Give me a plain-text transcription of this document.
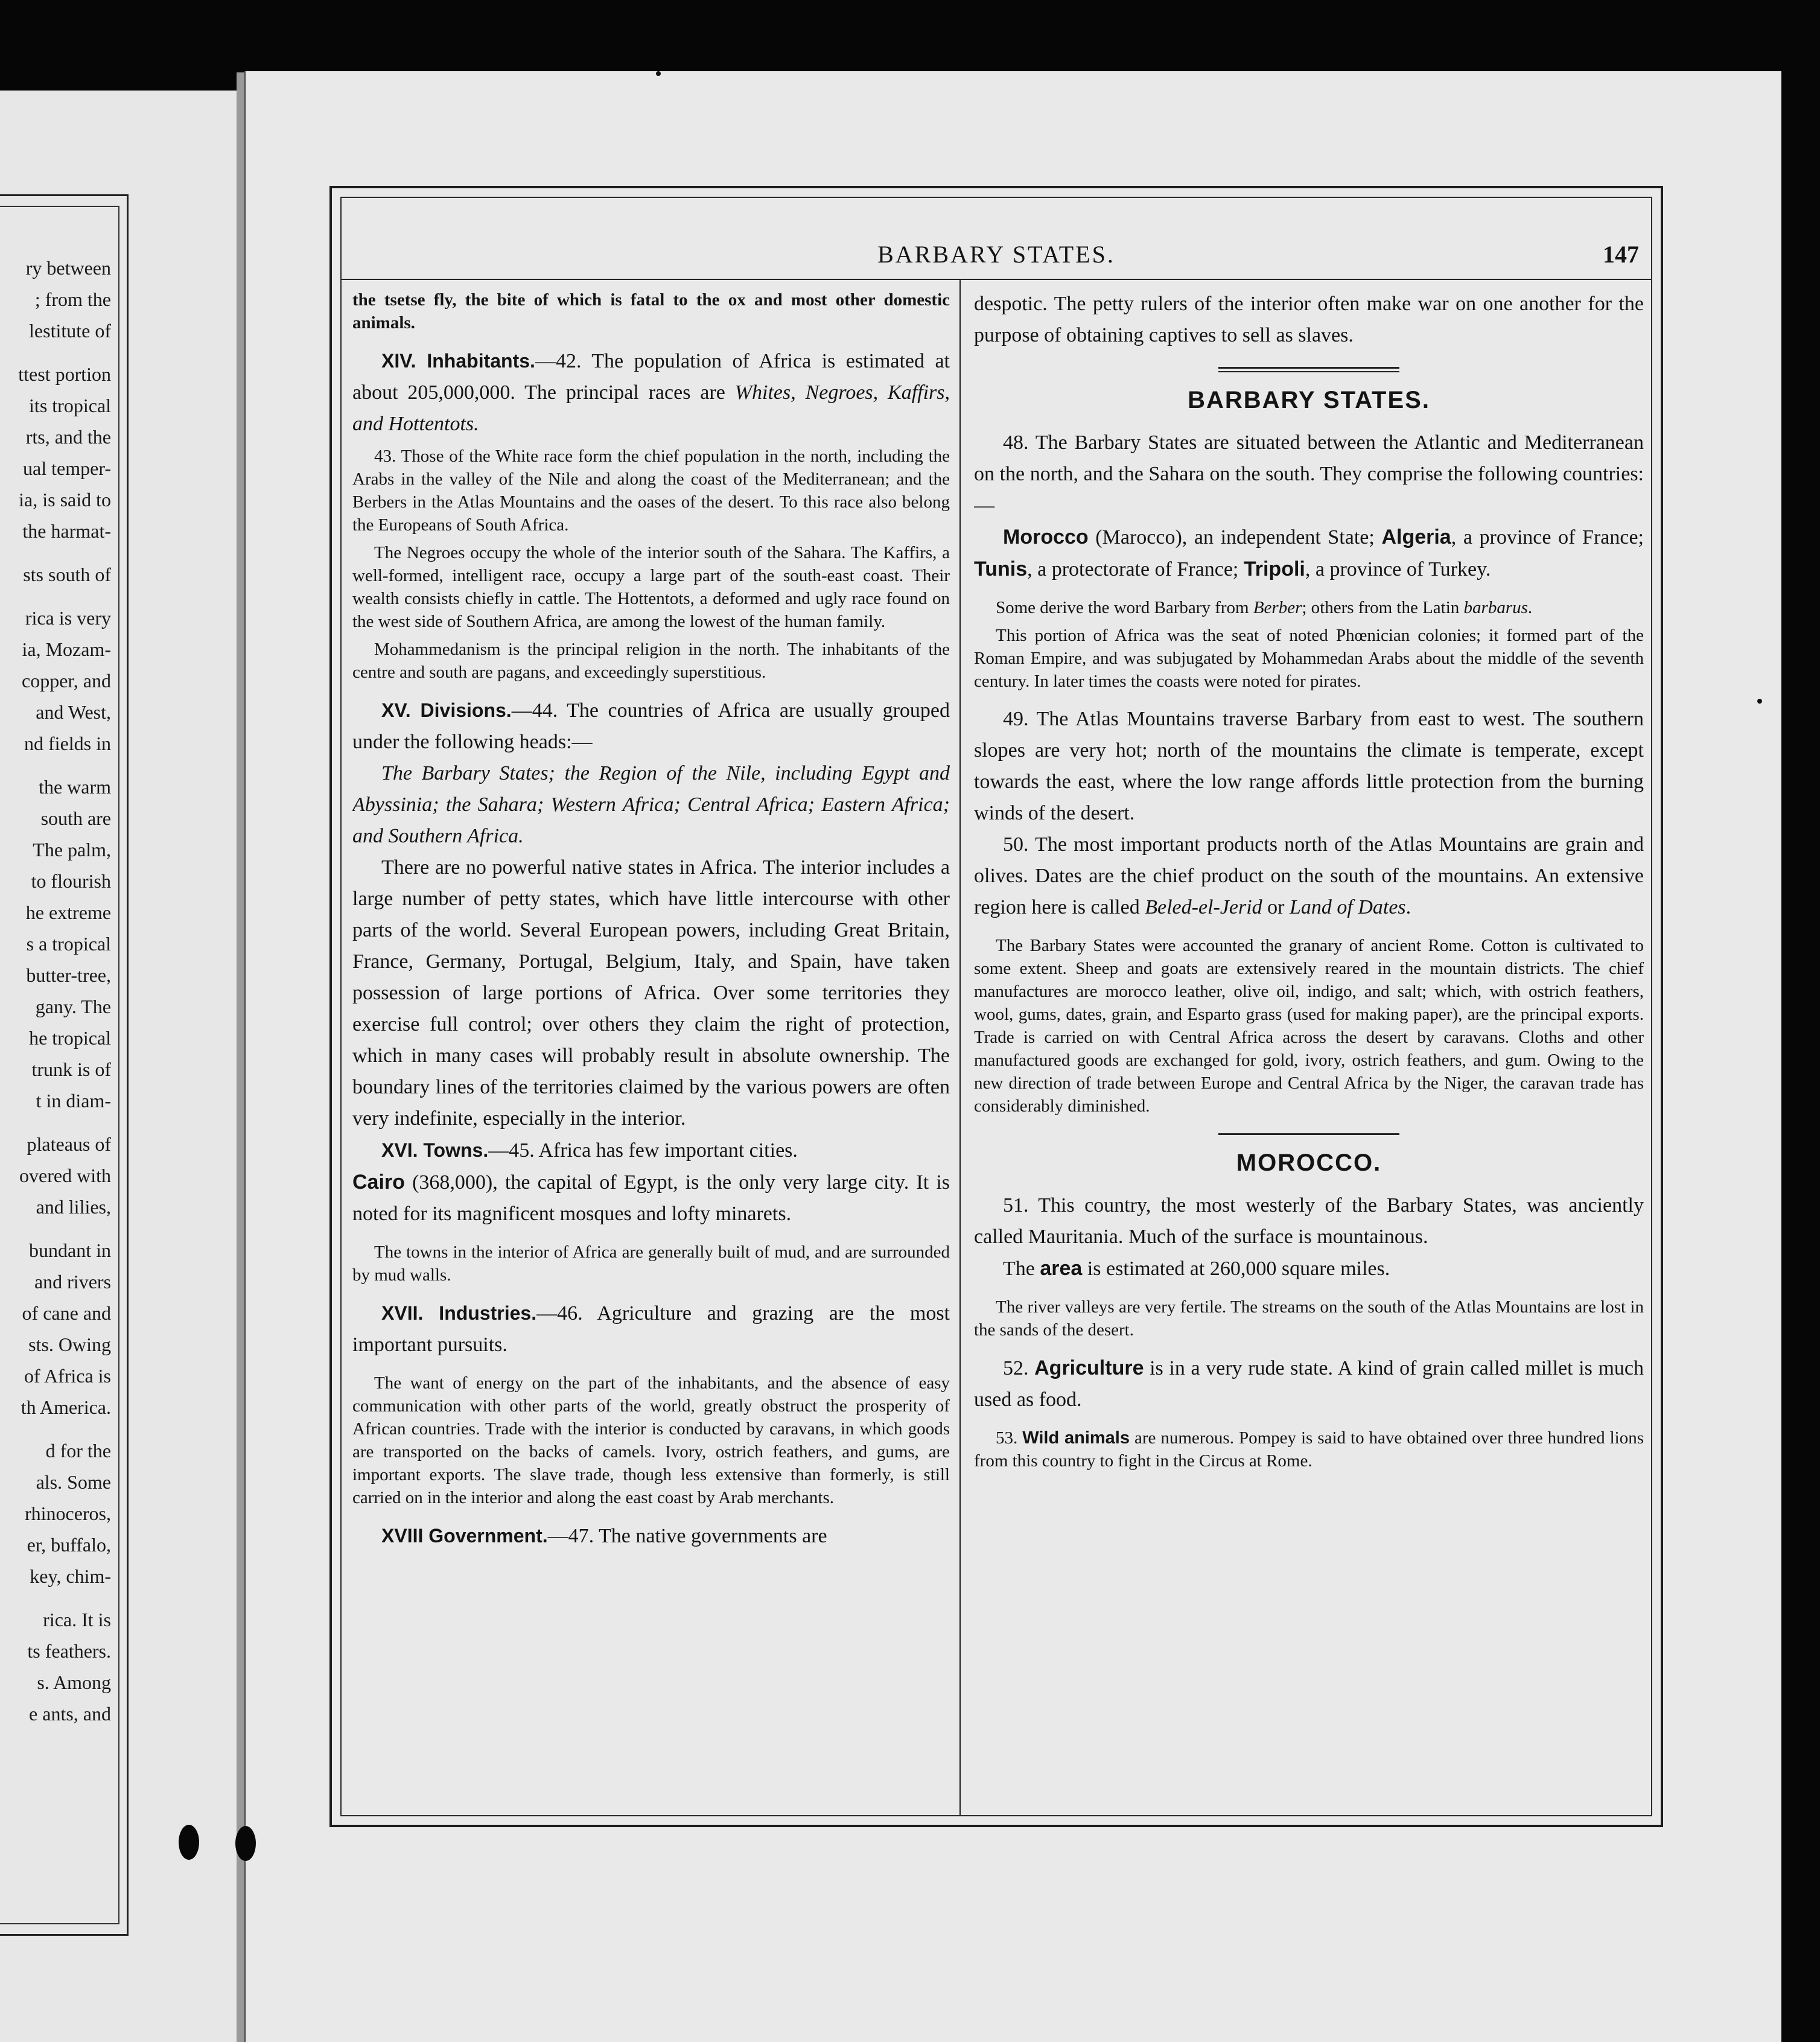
ry between
; from the
lestitute of
ttest portion
its tropical
rts, and the
ual temper-
ia, is said to
the harmat-
sts south of
rica is very
ia, Mozam-
copper, and
and West,
nd fields in
the warm
south are
The palm,
to flourish
he extreme
s a tropical
butter-tree,
gany. The
he tropical
trunk is of
t in diam-
plateaus of
overed with
and lilies,
bundant in
and rivers
of cane and
sts. Owing
of Africa is
th America.
d for the
als. Some
rhinoceros,
er, buffalo,
key, chim-
rica. It is
ts feathers.
s. Among
e ants, and
BARBARY STATES.	147

the tsetse fly, the bite of which is fatal to the ox and most other domestic animals.

XIV. Inhabitants.—42. The population of Africa is estimated at about 205,000,000. The principal races are Whites, Negroes, Kaffirs, and Hottentots.

43. Those of the White race form the chief population in the north, including the Arabs in the valley of the Nile and along the coast of the Mediterranean; and the Berbers in the Atlas Mountains and the oases of the desert. To this race also belong the Europeans of South Africa.

The Negroes occupy the whole of the interior south of the Sahara. The Kaffirs, a well-formed, intelligent race, occupy a large part of the south-east coast. Their wealth consists chiefly in cattle. The Hottentots, a deformed and ugly race found on the west side of Southern Africa, are among the lowest of the human family.

Mohammedanism is the principal religion in the north. The inhabitants of the centre and south are pagans, and exceedingly superstitious.

XV. Divisions.—44. The countries of Africa are usually grouped under the following heads:—

The Barbary States; the Region of the Nile, including Egypt and Abyssinia; the Sahara; Western Africa; Central Africa; Eastern Africa; and Southern Africa.

There are no powerful native states in Africa. The interior includes a large number of petty states, which have little intercourse with other parts of the world. Several European powers, including Great Britain, France, Germany, Portugal, Belgium, Italy, and Spain, have taken possession of large portions of Africa. Over some territories they exercise full control; over others they claim the right of protection, which in many cases will probably result in absolute ownership. The boundary lines of the territories claimed by the various powers are often very indefinite, especially in the interior.

XVI. Towns.—45. Africa has few important cities.

Cairo (368,000), the capital of Egypt, is the only very large city. It is noted for its magnificent mosques and lofty minarets.

The towns in the interior of Africa are generally built of mud, and are surrounded by mud walls.

XVII. Industries.—46. Agriculture and grazing are the most important pursuits.

The want of energy on the part of the inhabitants, and the absence of easy communication with other parts of the world, greatly obstruct the prosperity of African countries. Trade with the interior is conducted by caravans, in which goods are transported on the backs of camels. Ivory, ostrich feathers, and gums, are important exports. The slave trade, though less extensive than formerly, is still carried on in the interior and along the east coast by Arab merchants.

XVIII Government.—47. The native governments are

despotic. The petty rulers of the interior often make war on one another for the purpose of obtaining captives to sell as slaves.

BARBARY STATES.

48. The Barbary States are situated between the Atlantic and Mediterranean on the north, and the Sahara on the south. They comprise the following countries:—

Morocco (Marocco), an independent State; Algeria, a province of France; Tunis, a protectorate of France; Tripoli, a province of Turkey.

Some derive the word Barbary from Berber; others from the Latin barbarus.

This portion of Africa was the seat of noted Phœnician colonies; it formed part of the Roman Empire, and was subjugated by Mohammedan Arabs about the middle of the seventh century. In later times the coasts were noted for pirates.

49. The Atlas Mountains traverse Barbary from east to west. The southern slopes are very hot; north of the mountains the climate is temperate, except towards the east, where the low range affords little protection from the burning winds of the desert.

50. The most important products north of the Atlas Mountains are grain and olives. Dates are the chief product on the south of the mountains. An extensive region here is called Beled-el-Jerid or Land of Dates.

The Barbary States were accounted the granary of ancient Rome. Cotton is cultivated to some extent. Sheep and goats are extensively reared in the mountain districts. The chief manufactures are morocco leather, olive oil, indigo, and salt; which, with ostrich feathers, wool, gums, dates, grain, and Esparto grass (used for making paper), are the principal exports. Trade is carried on with Central Africa across the desert by caravans. Cloths and other manufactured goods are exchanged for gold, ivory, ostrich feathers, and gum. Owing to the new direction of trade between Europe and Central Africa by the Niger, the caravan trade has considerably diminished.

MOROCCO.

51. This country, the most westerly of the Barbary States, was anciently called Mauritania. Much of the surface is mountainous.

The area is estimated at 260,000 square miles.

The river valleys are very fertile. The streams on the south of the Atlas Mountains are lost in the sands of the desert.

52. Agriculture is in a very rude state. A kind of grain called millet is much used as food.

53. Wild animals are numerous. Pompey is said to have obtained over three hundred lions from this country to fight in the Circus at Rome.
